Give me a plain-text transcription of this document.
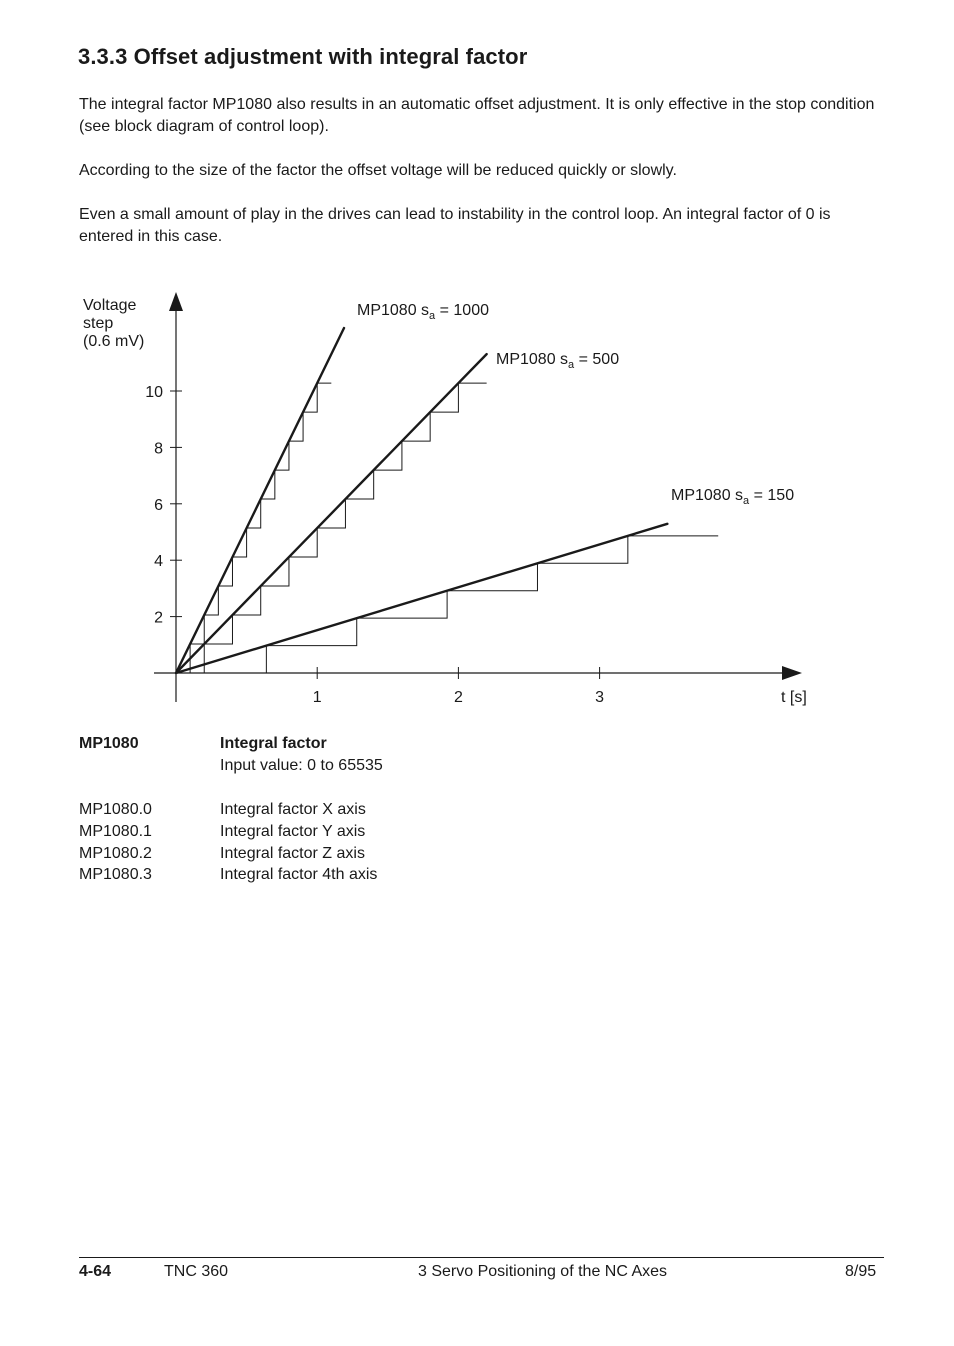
3.3.3 Offset adjustment with integral factor

The integral factor MP1080 also results in an automatic offset adjustment. It is only effective in the stop condition (see block diagram of control loop).

According to the size of the factor the offset voltage will be reduced quickly or slowly.

Even a small amount of play in the drives can lead to instability in the control loop. An integral factor of 0 is entered in this case.

Voltage
step
(0.6 mV)
2
4
6
8
10
1	2	3	t [s]
MP1080 $s_a = 1000$
MP1080 $s_a = 500$
MP1080 $s_a = 150$
MP1080	Integral factor
Input value: 0 to 65535
MP1080.0	Integral factor X axis
MP1080.1	Integral factor Y axis
MP1080.2	Integral factor Z axis
MP1080.3	Integral factor 4th axis
4-64	TNC 360	3 Servo Positioning of the NC Axes	8/95
